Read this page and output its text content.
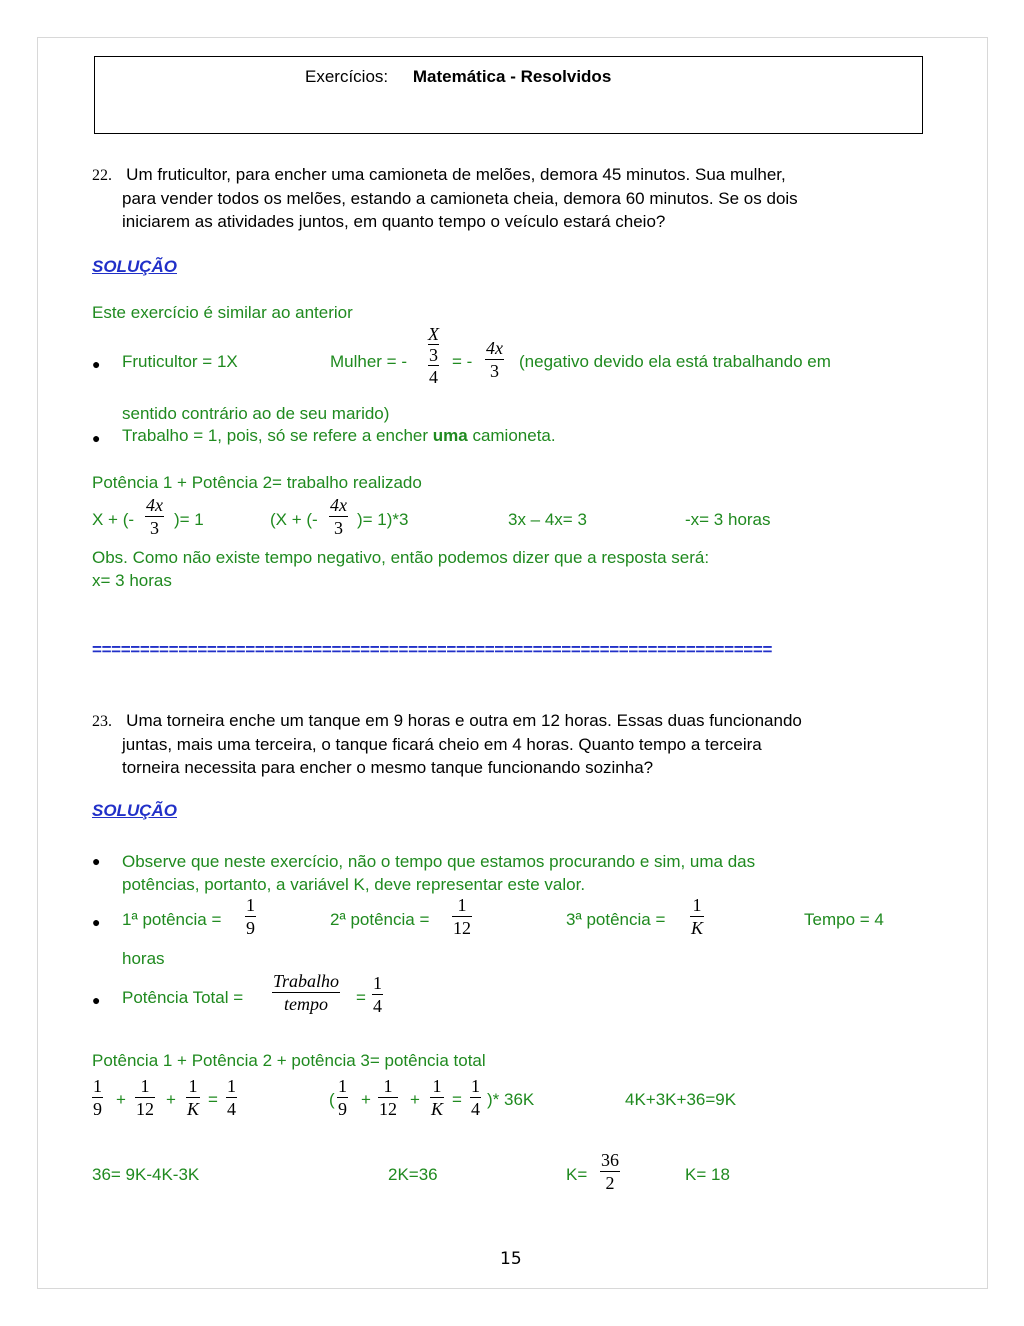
Exercícios: Matemática - Resolvidos
22. Um fruticultor, para encher uma camioneta de melões, demora 45 minutos. Sua mulher,
para vender todos os melões, estando a camioneta cheia, demora 60 minutos. Se os dois
iniciarem as atividades juntos, em quanto tempo o veículo estará cheio?
SOLUÇÃO
Este exercício é similar ao anterior
● Fruticultor = 1X	Mulher = - X
3
4 = - $\frac{4x}{3}$ (negativo devido ela está trabalhando em
sentido contrário ao de seu marido)
● Trabalho = 1, pois, só se refere a encher uma camioneta.
Potência 1 + Potência 2= trabalho realizado
X + (- $\frac{4x}{3}$ )= 1	(X + (- $\frac{4x}{3}$ )= 1)*3	3x – 4x= 3	-x= 3 horas
Obs. Como não existe tempo negativo, então podemos dizer que a resposta será:
x= 3 horas
=======================================================================
23. Uma torneira enche um tanque em 9 horas e outra em 12 horas. Essas duas funcionando
juntas, mais uma terceira, o tanque ficará cheio em 4 horas. Quanto tempo a terceira
torneira necessita para encher o mesmo tanque funcionando sozinha?
SOLUÇÃO
● Observe que neste exercício, não o tempo que estamos procurando e sim, uma das
potências, portanto, a variável K, deve representar este valor.
● 1ª potência = $\frac{1}{9}$	2ª potência = $\frac{1}{12}$	3ª potência = $\frac{1}{K}$	Tempo = 4
horas
● Potência Total =
Trabalho
tempo	= $\frac{1}{4}$
Potência 1 + Potência 2 + potência 3= potência total
$\frac{1}{9} + \frac{1}{12} + \frac{1}{K} = \frac{1}{4}$	( $\frac{1}{9} + \frac{1}{12} + \frac{1}{K} = \frac{1}{4}$ )* 36K	4K+3K+36=9K
36= 9K-4K-3K	2K=36	$K= \frac{36}{2}$	K= 18
15
